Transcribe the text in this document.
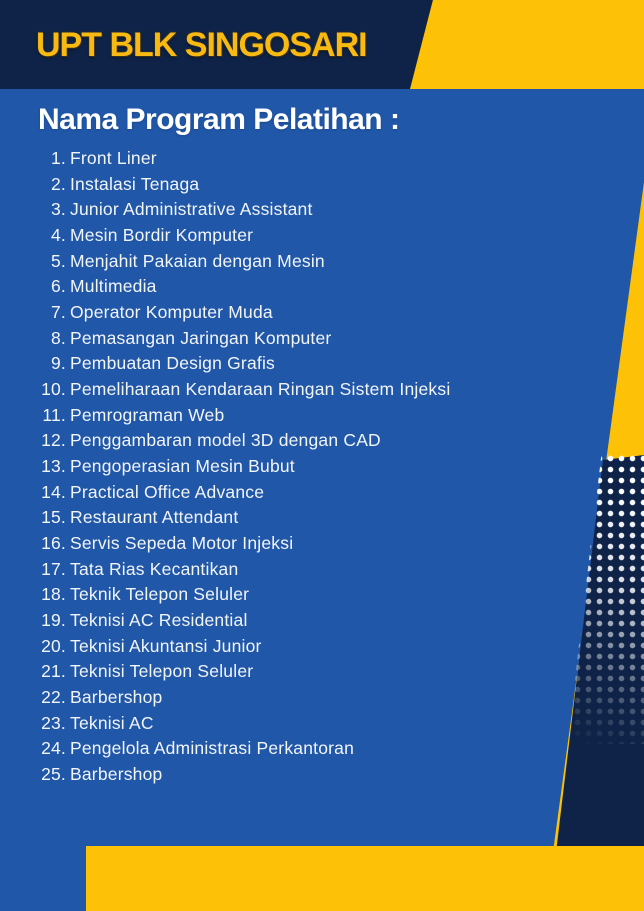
UPT BLK SINGOSARI
Nama Program Pelatihan :
1. Front Liner
2. Instalasi Tenaga
3. Junior Administrative Assistant
4. Mesin Bordir Komputer
5. Menjahit Pakaian dengan Mesin
6. Multimedia
7. Operator Komputer Muda
8. Pemasangan Jaringan Komputer
9. Pembuatan Design Grafis
10. Pemeliharaan Kendaraan Ringan Sistem Injeksi
11. Pemrograman Web
12. Penggambaran model 3D dengan CAD
13. Pengoperasian Mesin Bubut
14. Practical Office Advance
15. Restaurant Attendant
16. Servis Sepeda Motor Injeksi
17. Tata Rias Kecantikan
18. Teknik Telepon Seluler
19. Teknisi AC Residential
20. Teknisi Akuntansi Junior
21. Teknisi Telepon Seluler
22. Barbershop
23. Teknisi AC
24. Pengelola Administrasi Perkantoran
25. Barbershop
